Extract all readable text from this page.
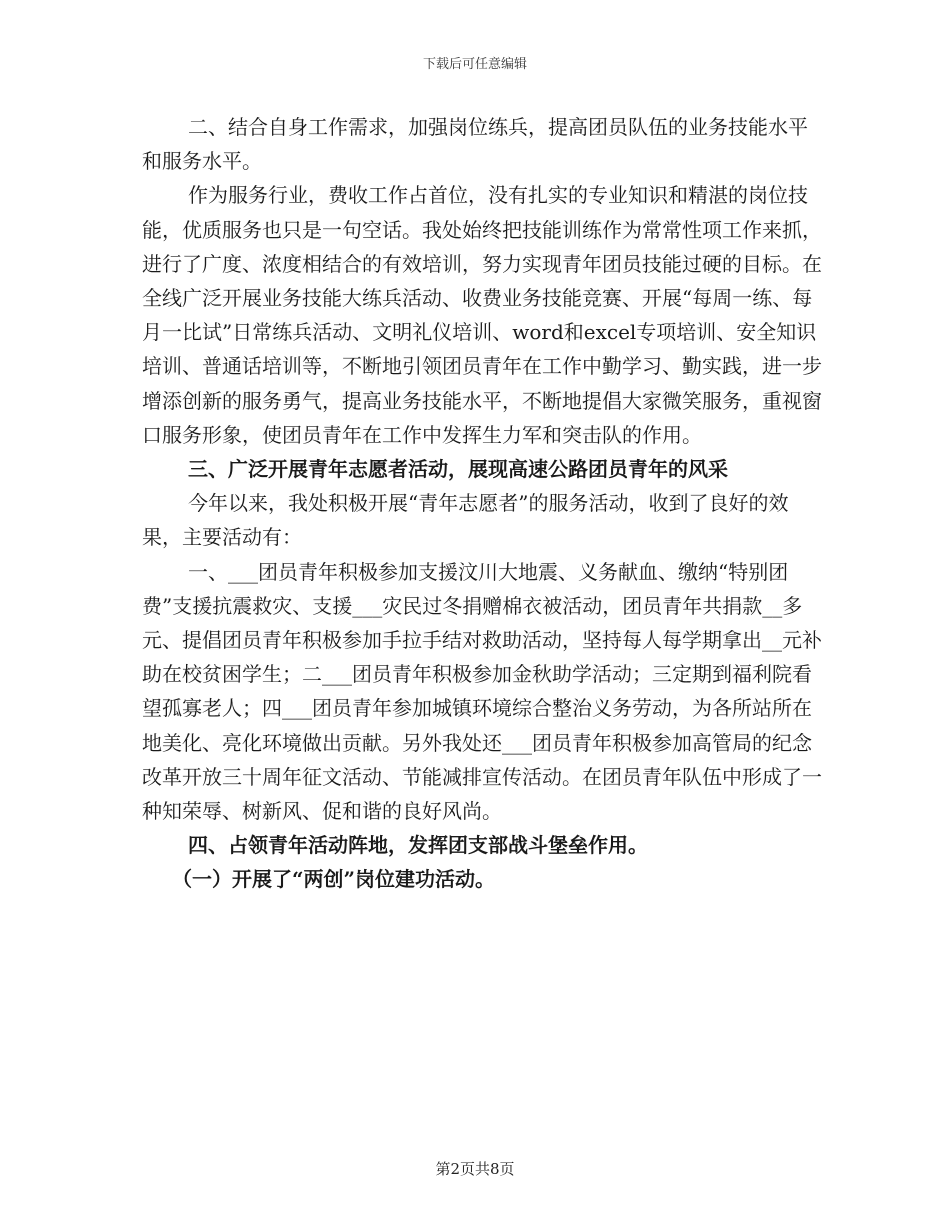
下载后可任意编辑

二、结合自身工作需求，加强岗位练兵，提高团员队伍的业务技能水平和服务水平。

作为服务行业，费收工作占首位，没有扎实的专业知识和精湛的岗位技能，优质服务也只是一句空话。我处始终把技能训练作为常常性项工作来抓，进行了广度、浓度相结合的有效培训，努力实现青年团员技能过硬的目标。在全线广泛开展业务技能大练兵活动、收费业务技能竞赛、开展“每周一练、每月一比试”日常练兵活动、文明礼仪培训、word和excel专项培训、安全知识培训、普通话培训等，不断地引领团员青年在工作中勤学习、勤实践，进一步增添创新的服务勇气，提高业务技能水平，不断地提倡大家微笑服务，重视窗口服务形象，使团员青年在工作中发挥生力军和突击队的作用。

三、广泛开展青年志愿者活动，展现高速公路团员青年的风采

今年以来，我处积极开展“青年志愿者”的服务活动，收到了良好的效果，主要活动有：

一、___团员青年积极参加支援汶川大地震、义务献血、缴纳“特别团费”支援抗震救灾、支援___灾民过冬捐赠棉衣被活动，团员青年共捐款__多元、提倡团员青年积极参加手拉手结对救助活动，坚持每人每学期拿出__元补助在校贫困学生；二___团员青年积极参加金秋助学活动；三定期到福利院看望孤寡老人；四___团员青年参加城镇环境综合整治义务劳动，为各所站所在地美化、亮化环境做出贡献。另外我处还___团员青年积极参加高管局的纪念改革开放三十周年征文活动、节能减排宣传活动。在团员青年队伍中形成了一种知荣辱、树新风、促和谐的良好风尚。

四、占领青年活动阵地，发挥团支部战斗堡垒作用。

（一）开展了“两创”岗位建功活动。

第2页共8页
